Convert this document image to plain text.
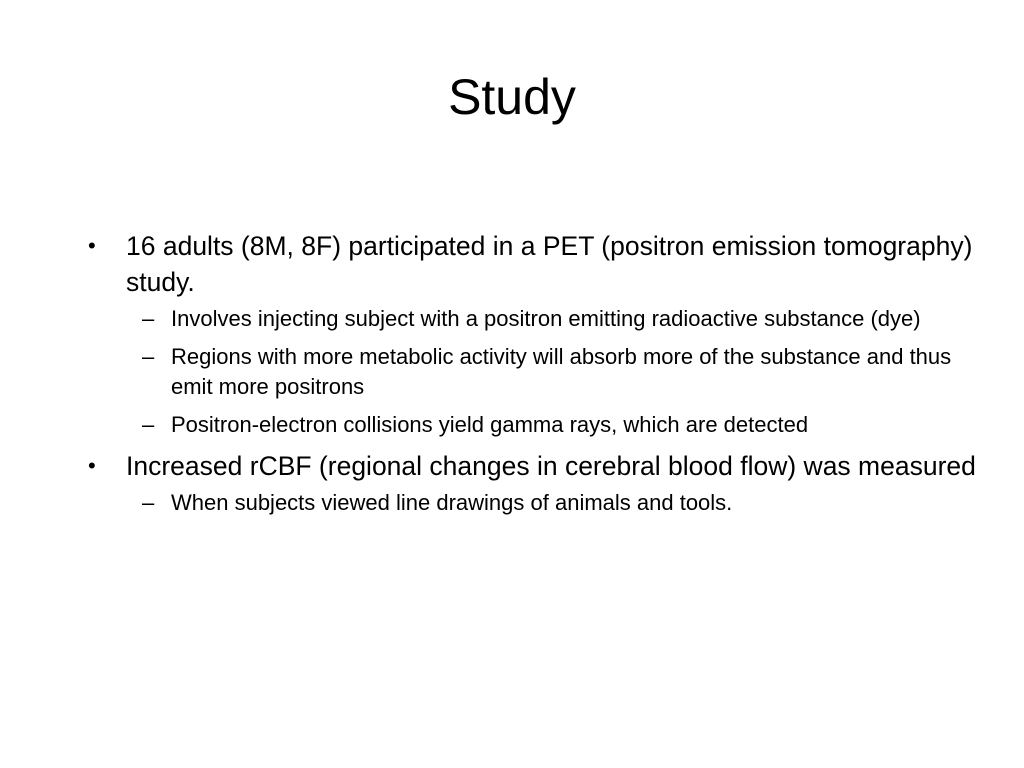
Study
• 16 adults (8M, 8F) participated in a PET (positron emission tomography) study.
– Involves injecting subject with a positron emitting radioactive substance (dye)
– Regions with more metabolic activity will absorb more of the substance and thus emit more positrons
– Positron-electron collisions yield gamma rays, which are detected
• Increased rCBF (regional changes in cerebral blood flow) was measured
– When subjects viewed line drawings of animals and tools.
